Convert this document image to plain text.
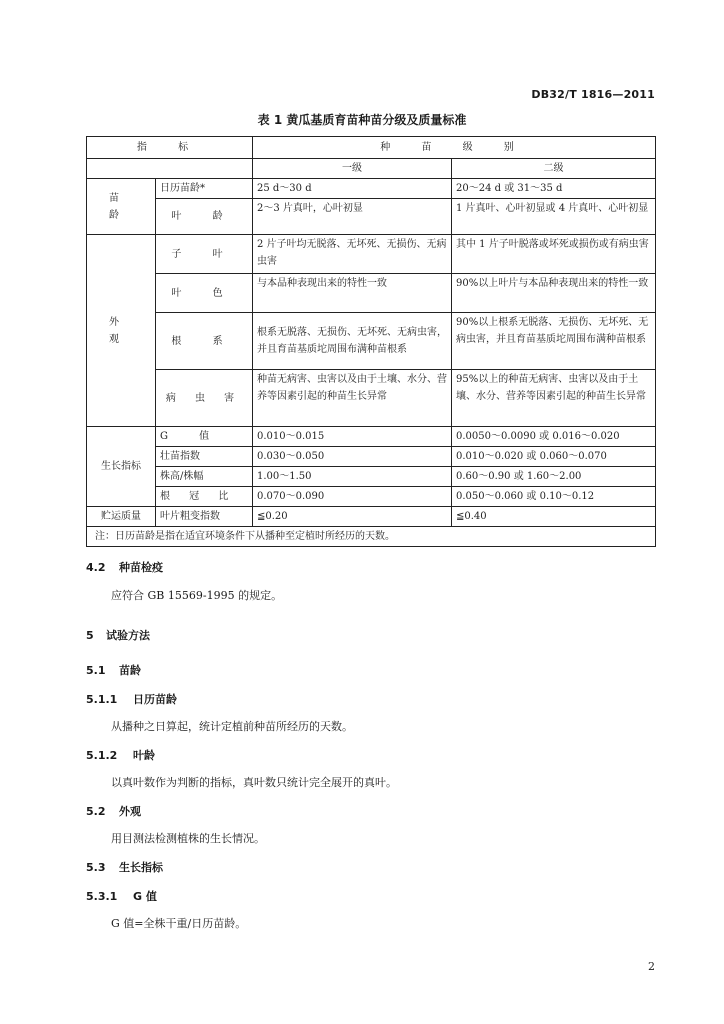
DB32/T 1816—2011
表 1 黄瓜基质育苗种苗分级及质量标准
指 标		种 苗 级 别	
		一级	二级
苗 龄	日历苗龄*	25 d～30 d	20～24 d 或 31～35 d
	叶 龄	2～3 片真叶，心叶初显	1 片真叶、心叶初显或 4 片真叶、心叶初显
外 观	子 叶	2 片子叶均无脱落、无坏死、无损伤、无病虫害	其中 1 片子叶脱落或坏死或损伤或有病虫害
	叶 色	与本品种表现出来的特性一致	90%以上叶片与本品种表现出来的特性一致
	根 系	根系无脱落、无损伤、无坏死、无病虫害，并且育苗基质坨周围布满种苗根系	90%以上根系无脱落、无损伤、无坏死、无病虫害，并且育苗基质坨周围布满种苗根系
	病 虫 害	种苗无病害、虫害以及由于土壤、水分、营养等因素引起的种苗生长异常	95%以上的种苗无病害、虫害以及由于土壤、水分、营养等因素引起的种苗生长异常
生长指标	G 值	0.010～0.015	0.0050～0.0090 或 0.016～0.020
	壮苗指数	0.030～0.050	0.010～0.020 或 0.060～0.070
	株高/株幅	1.00～1.50	0.60～0.90 或 1.60～2.00
	根 冠 比	0.070～0.090	0.050～0.060 或 0.10～0.12
贮运质量	叶片粗变指数	≦0.20	≦0.40
注：日历苗龄是指在适宜环境条件下从播种至定植时所经历的天数。			
4.2 种苗检疫
应符合 GB 15569-1995 的规定。
5 试验方法
5.1 苗龄
5.1.1 日历苗龄
从播种之日算起，统计定植前种苗所经历的天数。
5.1.2 叶龄
以真叶数作为判断的指标，真叶数只统计完全展开的真叶。
5.2 外观
用目测法检测植株的生长情况。
5.3 生长指标
5.3.1 G 值
G 值=全株干重/日历苗龄。
2
